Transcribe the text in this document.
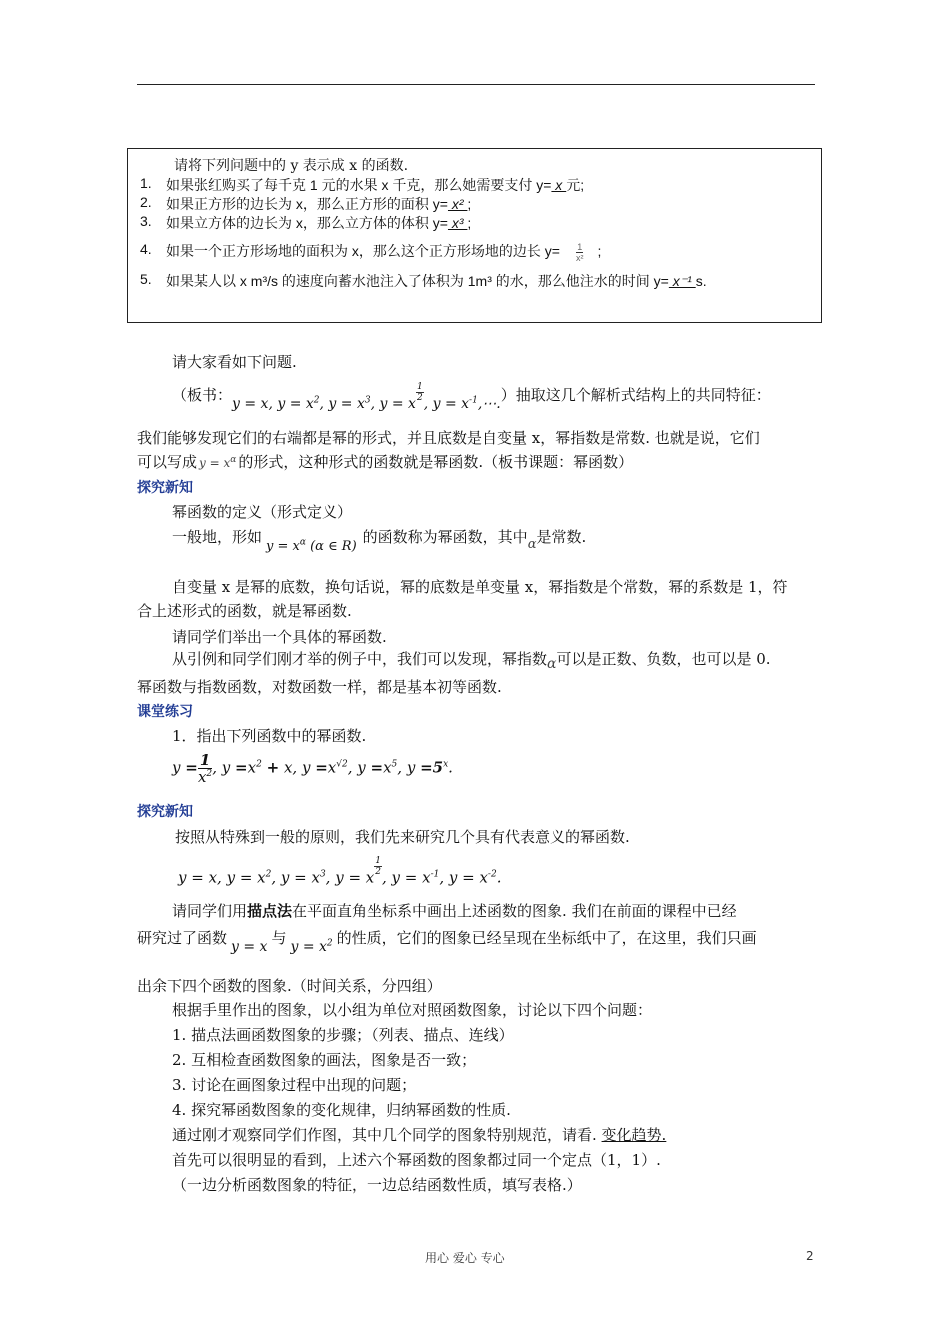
请将下列问题中的 y 表示成 x 的函数.
1. 如果张红购买了每千克 1 元的水果 x 千克，那么她需要支付 y= x 元;
2. 如果正方形的边长为 x，那么正方形的面积 y= x² ;
3. 如果立方体的边长为 x，那么立方体的体积 y= x³ ;
4. 如果一个正方形场地的面积为 x，那么这个正方形场地的边长 $y= \frac{1}{\text{x²}}$ ;
5. 如果某人以 x m³/s 的速度向蓄水池注入了体积为 1m³ 的水，那么他注水的时间 y= x⁻¹ s.
请大家看如下问题.
（板书：y = x, $y = x^2$, $y = x^3$, y = x
$\frac{1}{2}$
, $y = x^{-1},\cdots$.）抽取这几个解析式结构上的共同特征：
我们能够发现它们的右端都是幂的形式，并且底数是自变量 x，幂指数是常数. 也就是说，它们
可以写成 $y = x^\alpha$ 的形式，这种形式的函数就是幂函数.（板书课题：幂函数）
探究新知
幂函数的定义（形式定义）
一般地，形如$y = x^\alpha$ (α ∈ R)的函数称为幂函数，其中α是常数.
自变量 x 是幂的底数，换句话说，幂的底数是单变量 x，幂指数是个常数，幂的系数是 1，符
合上述形式的函数，就是幂函数.
请同学们举出一个具体的幂函数.
从引例和同学们刚才举的例子中，我们可以发现，幂指数α可以是正数、负数，也可以是 0.
幂函数与指数函数，对数函数一样，都是基本初等函数.
课堂练习
1．指出下列函数中的幂函数.
$y = \frac{1}{x^2}$ , $y =x^2 + x$, $y =x^{√2}$, $y =x^5$, $y =5^x$.
探究新知
按照从特殊到一般的原则，我们先来研究几个具有代表意义的幂函数.
y = x, $y = x^2$, $y = x^3$, y = x
$\frac{1}{2}$
, $y = x^{-1}$, $y = x^{-2}$.
请同学们用描点法在平面直角坐标系中画出上述函数的图象. 我们在前面的课程中已经
研究过了函数 y = x 与 $y = x^2$ 的性质，它们的图象已经呈现在坐标纸中了，在这里，我们只画
出余下四个函数的图象.（时间关系，分四组）
根据手里作出的图象，以小组为单位对照函数图象，讨论以下四个问题：
1. 描点法画函数图象的步骤；（列表、描点、连线）
2. 互相检查函数图象的画法，图象是否一致；
3. 讨论在画图象过程中出现的问题；
4. 探究幂函数图象的变化规律，归纳幂函数的性质.
通过刚才观察同学们作图，其中几个同学的图象特别规范，请看. 变化趋势.
首先可以很明显的看到，上述六个幂函数的图象都过同一个定点（1，1）.
（一边分析函数图象的特征，一边总结函数性质，填写表格.）
用心 爱心 专心	2
